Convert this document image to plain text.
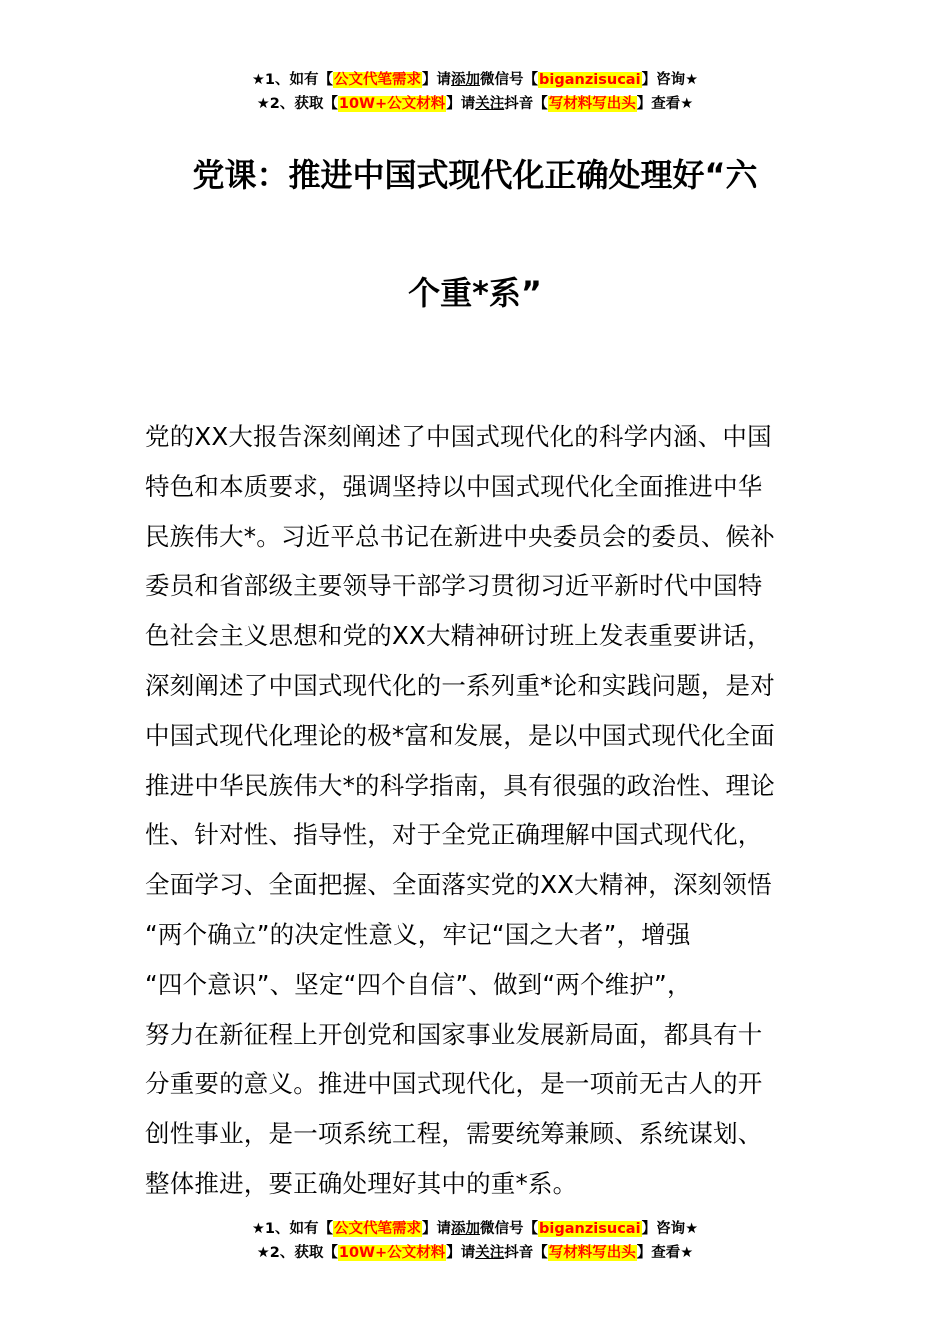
★1、如有【公文代笔需求】请添加微信号【biganzisucai】咨询★
★2、获取【10W+公文材料】请关注抖音【写材料写出头】查看★
党课：推进中国式现代化正确处理好“六
个重*系”
党的XX大报告深刻阐述了中国式现代化的科学内涵、中国
特色和本质要求，强调坚持以中国式现代化全面推进中华
民族伟大*。习近平总书记在新进中央委员会的委员、候补
委员和省部级主要领导干部学习贯彻习近平新时代中国特
色社会主义思想和党的XX大精神研讨班上发表重要讲话，
深刻阐述了中国式现代化的一系列重*论和实践问题，是对
中国式现代化理论的极*富和发展，是以中国式现代化全面
推进中华民族伟大*的科学指南，具有很强的政治性、理论
性、针对性、指导性，对于全党正确理解中国式现代化，
全面学习、全面把握、全面落实党的XX大精神，深刻领悟
“两个确立”的决定性意义，牢记“国之大者”，增强
“四个意识”、坚定“四个自信”、做到“两个维护”，
努力在新征程上开创党和国家事业发展新局面，都具有十
分重要的意义。推进中国式现代化，是一项前无古人的开
创性事业，是一项系统工程，需要统筹兼顾、系统谋划、
整体推进，要正确处理好其中的重*系。
★1、如有【公文代笔需求】请添加微信号【biganzisucai】咨询★
★2、获取【10W+公文材料】请关注抖音【写材料写出头】查看★
